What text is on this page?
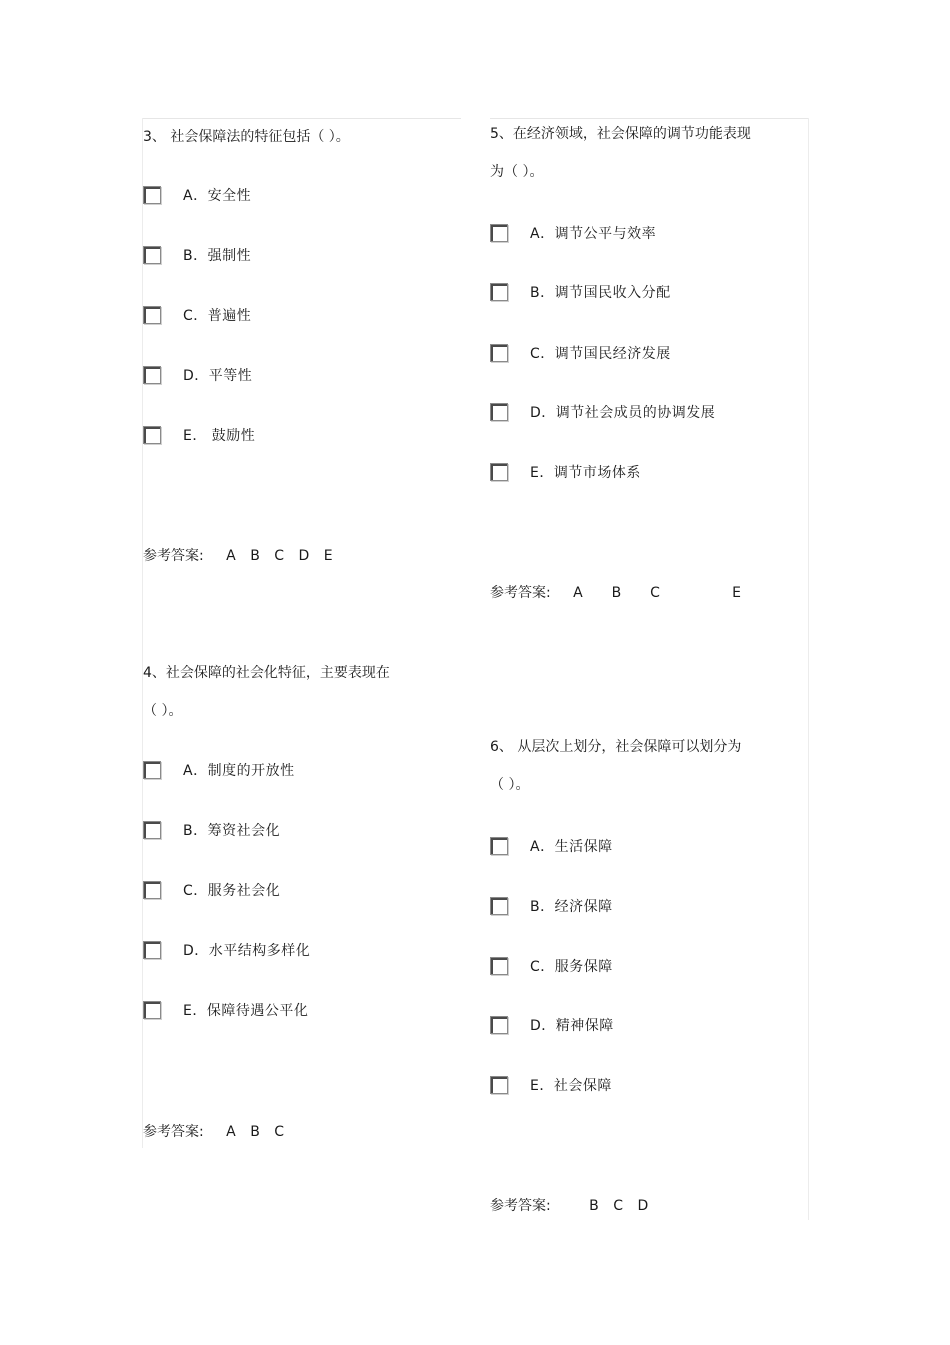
3、 社会保障法的特征包括（ ）。
A．安全性
B．强制性
C．普遍性
D．平等性
E． 鼓励性
参考答案: A B C D E
4、社会保障的社会化特征，主要表现在
（ ）。
A．制度的开放性
B．筹资社会化
C．服务社会化
D．水平结构多样化
E．保障待遇公平化
参考答案: A B C
5、在经济领域，社会保障的调节功能表现
为（ ）。
A．调节公平与效率
B．调节国民收入分配
C．调节国民经济发展
D．调节社会成员的协调发展
E．调节市场体系
参考答案: A  B  C     E
6、 从层次上划分，社会保障可以划分为
（ ）。
A．生活保障
B．经济保障
C．服务保障
D．精神保障
E．社会保障
参考答案:	B C D
